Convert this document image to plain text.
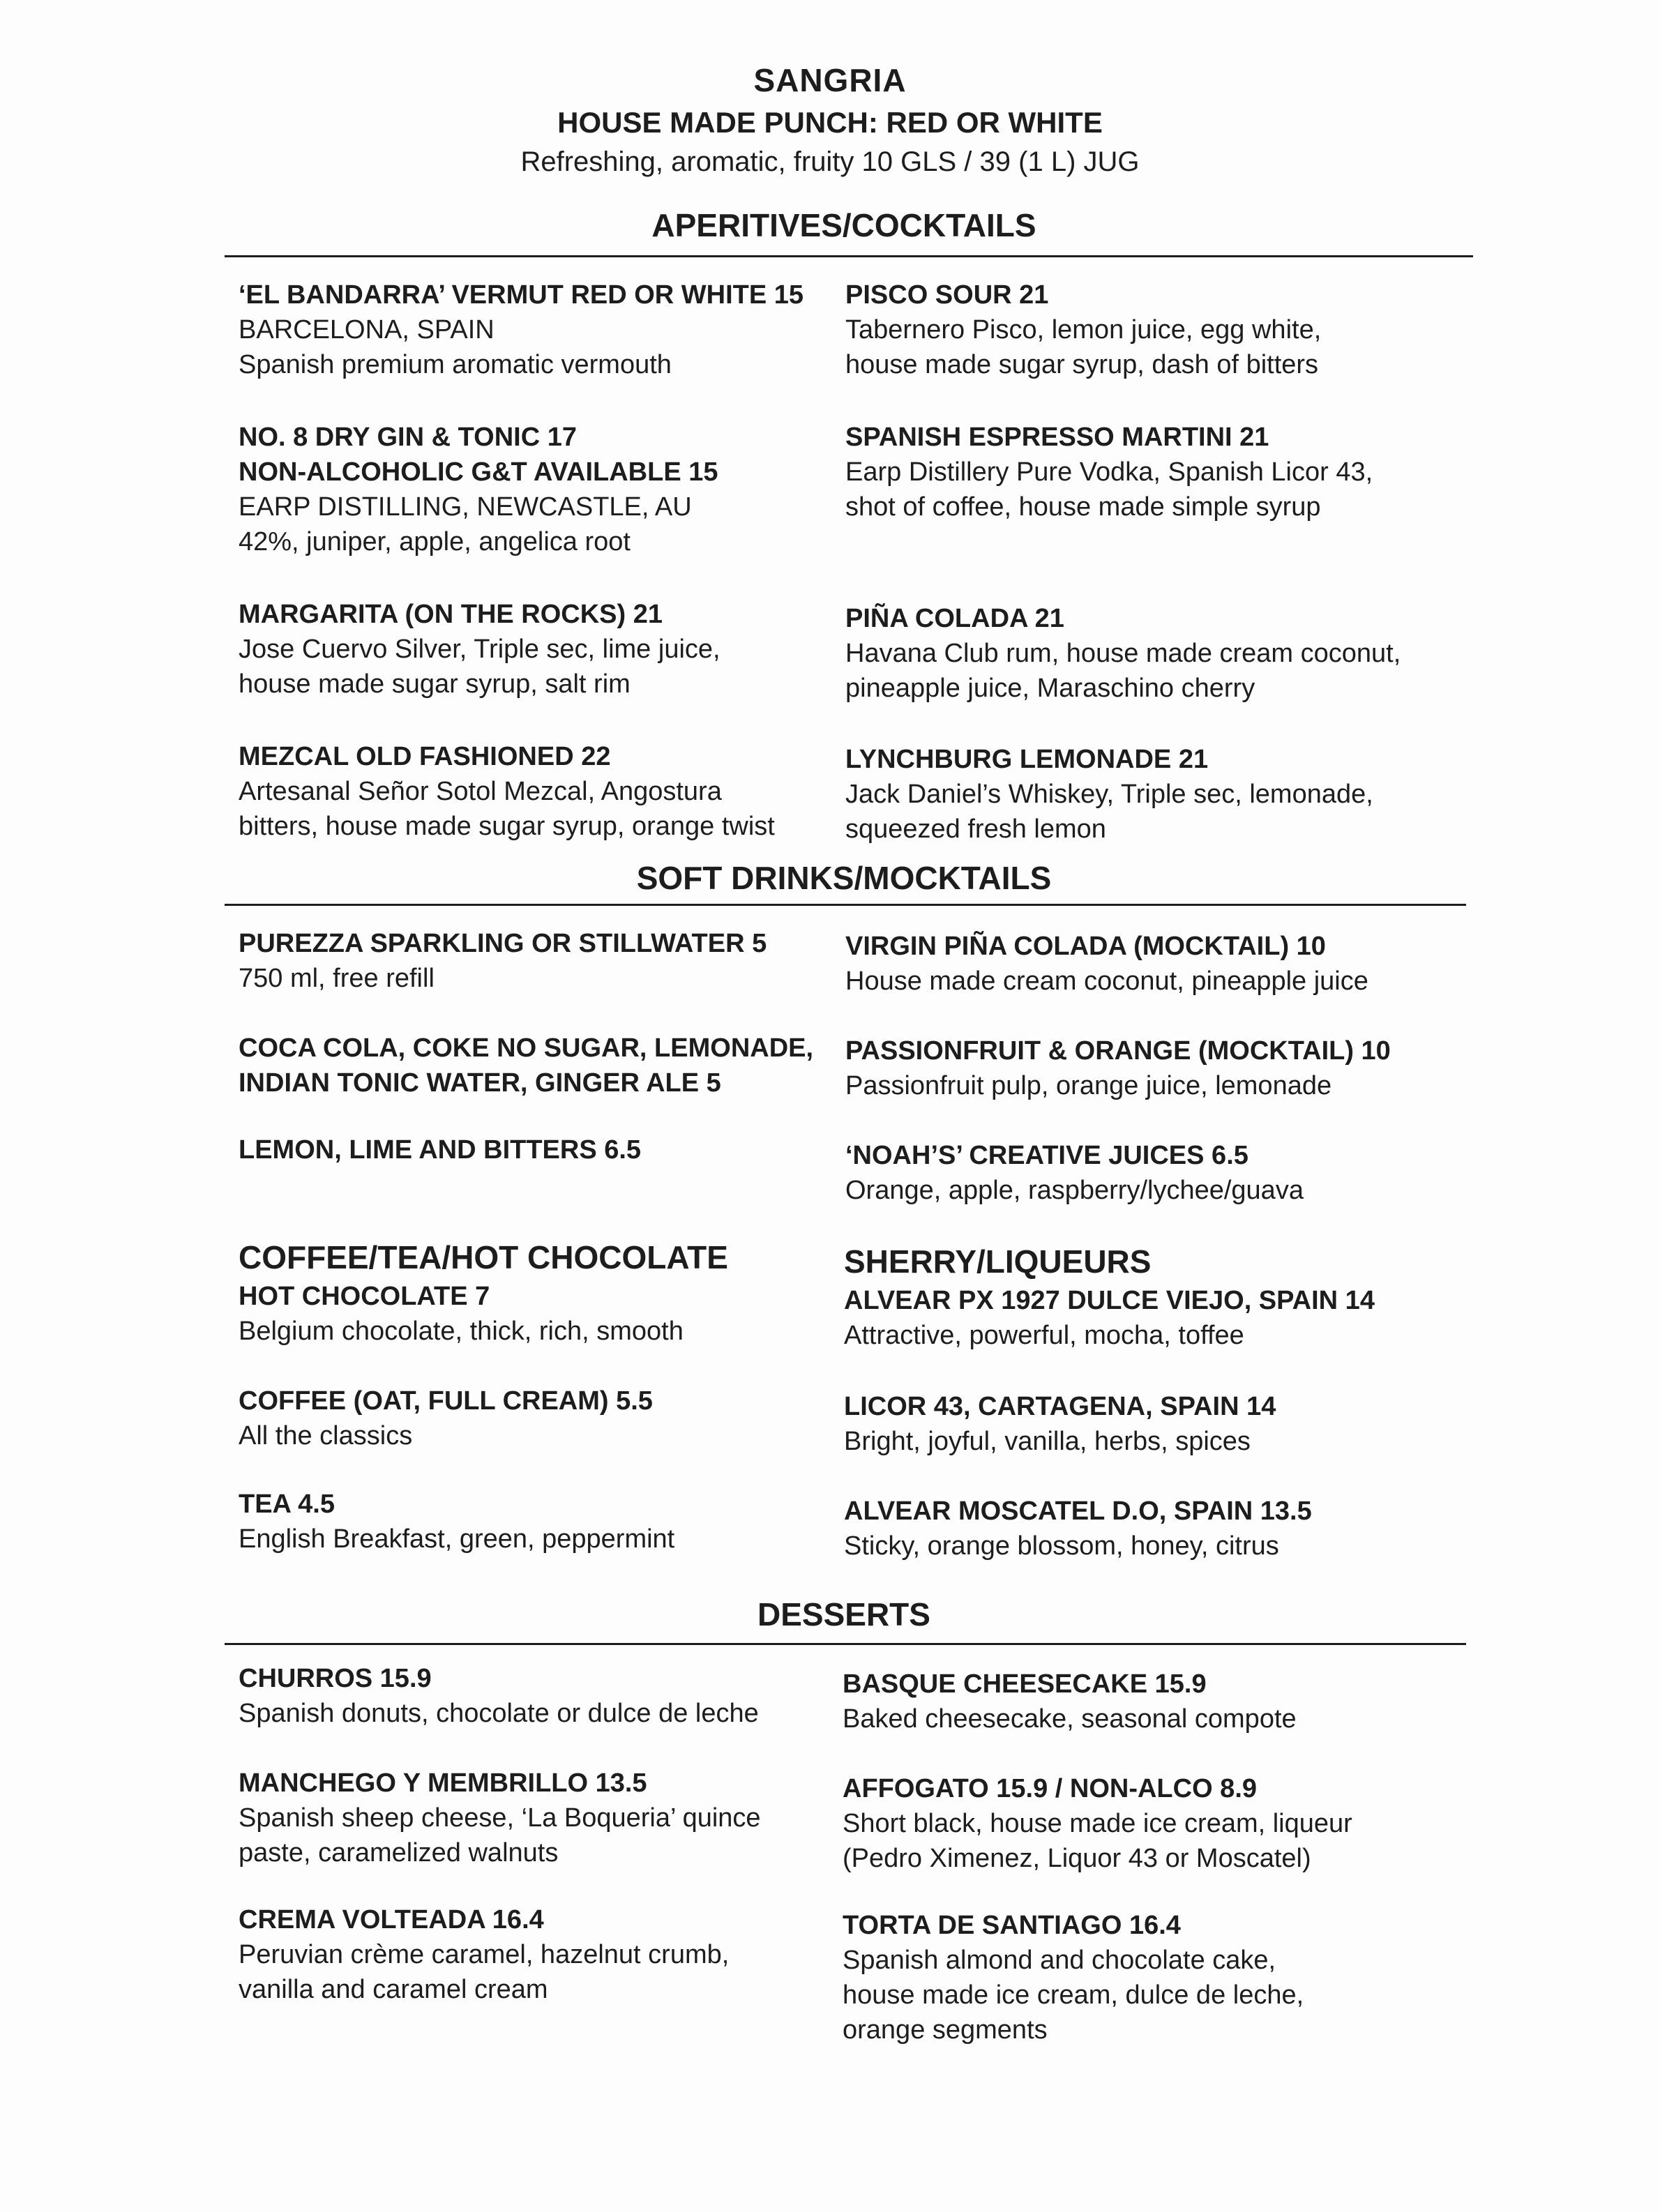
SANGRIA
HOUSE MADE PUNCH: RED OR WHITE
Refreshing, aromatic, fruity 10 GLS / 39 (1 L) JUG
APERITIVES/COCKTAILS
‘EL BANDARRA’ VERMUT RED OR WHITE 15
BARCELONA, SPAIN
Spanish premium aromatic vermouth
PISCO SOUR 21
Tabernero Pisco, lemon juice, egg white,
house made sugar syrup, dash of bitters
NO. 8 DRY GIN & TONIC 17
NON-ALCOHOLIC G&T AVAILABLE 15
EARP DISTILLING, NEWCASTLE, AU
42%, juniper, apple, angelica root
SPANISH ESPRESSO MARTINI 21
Earp Distillery Pure Vodka, Spanish Licor 43,
shot of coffee, house made simple syrup
MARGARITA (ON THE ROCKS) 21
Jose Cuervo Silver, Triple sec, lime juice,
house made sugar syrup, salt rim
PIÑA COLADA 21
Havana Club rum, house made cream coconut,
pineapple juice, Maraschino cherry
MEZCAL OLD FASHIONED 22
Artesanal Señor Sotol Mezcal, Angostura
bitters, house made sugar syrup, orange twist
LYNCHBURG LEMONADE 21
Jack Daniel’s Whiskey, Triple sec, lemonade,
squeezed fresh lemon
SOFT DRINKS/MOCKTAILS
PUREZZA SPARKLING OR STILLWATER 5
750 ml, free refill
VIRGIN PIÑA COLADA (MOCKTAIL) 10
House made cream coconut, pineapple juice
COCA COLA, COKE NO SUGAR, LEMONADE,
INDIAN TONIC WATER, GINGER ALE 5
PASSIONFRUIT & ORANGE (MOCKTAIL) 10
Passionfruit pulp, orange juice, lemonade
LEMON, LIME AND BITTERS 6.5	‘NOAH’S’ CREATIVE JUICES 6.5
Orange, apple, raspberry/lychee/guava
COFFEE/TEA/HOT CHOCOLATE
HOT CHOCOLATE 7
Belgium chocolate, thick, rich, smooth
COFFEE (OAT, FULL CREAM) 5.5
All the classics
TEA 4.5
English Breakfast, green, peppermint
SHERRY/LIQUEURS
ALVEAR PX 1927 DULCE VIEJO, SPAIN 14
Attractive, powerful, mocha, toffee
LICOR 43, CARTAGENA, SPAIN 14
Bright, joyful, vanilla, herbs, spices
ALVEAR MOSCATEL D.O, SPAIN 13.5
Sticky, orange blossom, honey, citrus
DESSERTS
CHURROS 15.9
Spanish donuts, chocolate or dulce de leche
BASQUE CHEESECAKE 15.9
Baked cheesecake, seasonal compote
MANCHEGO Y MEMBRILLO 13.5
Spanish sheep cheese, ‘La Boqueria’ quince
paste, caramelized walnuts
AFFOGATO 15.9 / NON-ALCO 8.9
Short black, house made ice cream, liqueur
(Pedro Ximenez, Liquor 43 or Moscatel)
CREMA VOLTEADA 16.4
Peruvian crème caramel, hazelnut crumb,
vanilla and caramel cream
TORTA DE SANTIAGO 16.4
Spanish almond and chocolate cake,
house made ice cream, dulce de leche,
orange segments
